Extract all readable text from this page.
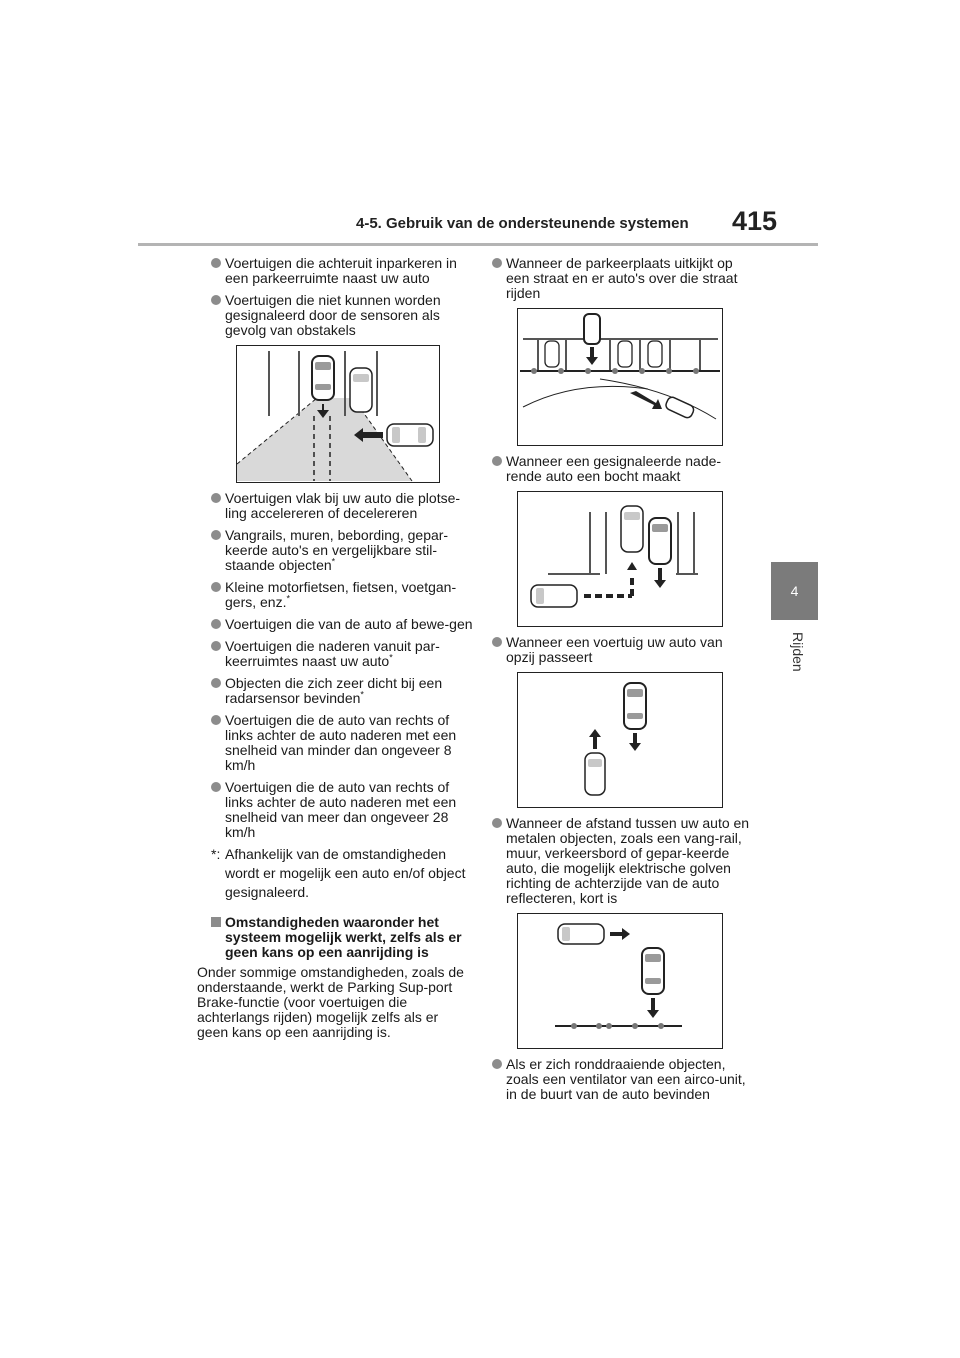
4-5. Gebruik van de ondersteunende systemen 415
4
Rijden
Voertuigen die achteruit inparkeren in een parkeerruimte naast uw auto
Voertuigen die niet kunnen worden gesignaleerd door de sensoren als gevolg van obstakels
Voertuigen vlak bij uw auto die plotse-ling accelereren of decelereren
Vangrails, muren, bebording, gepar-keerde auto's en vergelijkbare stil-staande objecten*
Kleine motorfietsen, fietsen, voetgan-gers, enz.*
Voertuigen die van de auto af bewe-gen
Voertuigen die naderen vanuit par-keerruimtes naast uw auto*
Objecten die zich zeer dicht bij een radarsensor bevinden*
Voertuigen die de auto van rechts of links achter de auto naderen met een snelheid van minder dan ongeveer 8 km/h
Voertuigen die de auto van rechts of links achter de auto naderen met een snelheid van meer dan ongeveer 28 km/h
*: Afhankelijk van de omstandigheden wordt er mogelijk een auto en/of object gesignaleerd.
Omstandigheden waaronder het systeem mogelijk werkt, zelfs als er geen kans op een aanrijding is
Onder sommige omstandigheden, zoals de onderstaande, werkt de Parking Sup-port Brake-functie (voor voertuigen die achterlangs rijden) mogelijk zelfs als er geen kans op een aanrijding is.
Wanneer de parkeerplaats uitkijkt op een straat en er auto's over die straat rijden
Wanneer een gesignaleerde nade-rende auto een bocht maakt
Wanneer een voertuig uw auto van opzij passeert
Wanneer de afstand tussen uw auto en metalen objecten, zoals een vang-rail, muur, verkeersbord of gepar-keerde auto, die mogelijk elektrische golven richting de achterzijde van de auto reflecteren, kort is
Als er zich ronddraaiende objecten, zoals een ventilator van een airco-unit, in de buurt van de auto bevinden
